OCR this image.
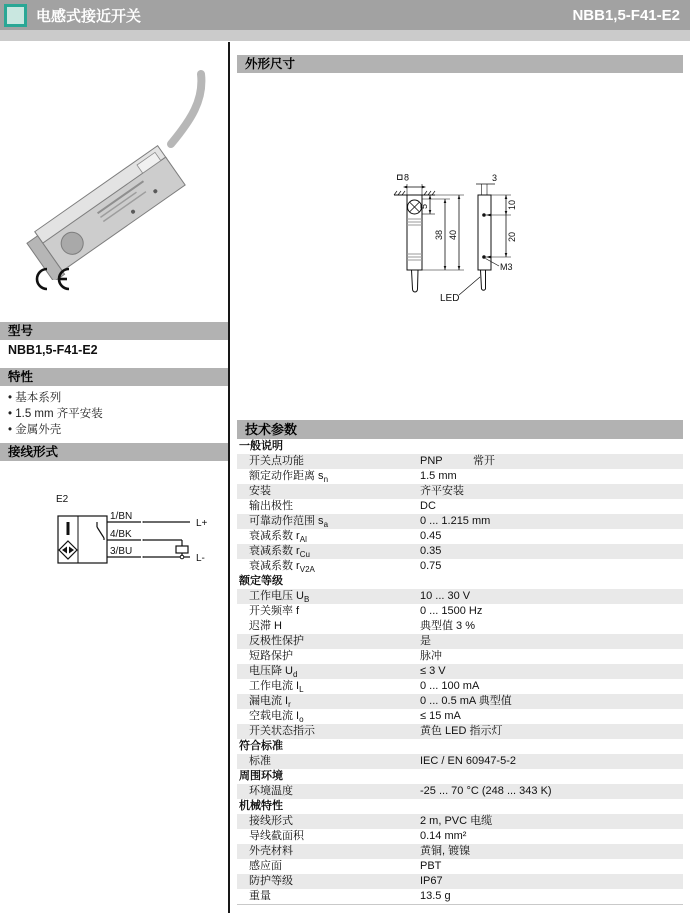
电感式接近开关	NBB1,5-F41-E2
型号
NBB1,5-F41-E2
特性
• 基本系列
• 1.5 mm 齐平安装
• 金属外壳
接线形式
E2
1/BN
4/BK
3/BU
L+
L-
外形尺寸
8
5
38 40
3
10
20
M3
LED
技术参数
一般说明
开关点功能	PNP	常开
额定动作距离 $s_n$	1.5 mm
安装	齐平安装
输出极性	DC
可靠动作范围 $s_a$	0 ... 1.215 mm
衰减系数 $r_{Al}$	0.45
衰减系数 $r_{Cu}$	0.35
衰减系数 $r_{V2A}$	0.75
额定等级
工作电压 $U_B$	10 ... 30 V
开关频率 f	0 ... 1500 Hz
迟滞 H	典型值 3 %
反极性保护	是
短路保护	脉冲
电压降 $U_d$	≤ 3 V
工作电流 $I_L$	0 ... 100 mA
漏电流 $I_r$	0 ... 0.5 mA 典型值
空载电流 $I_o$	≤ 15 mA
开关状态指示	黄色 LED 指示灯
符合标准
标准	IEC / EN 60947-5-2
周围环境
环境温度	-25 ... 70 °C (248 ... 343 K)
机械特性
接线形式	2 m, PVC 电缆
导线截面积	0.14 mm²
外壳材料	黄铜, 镀镍
感应面	PBT
防护等级	IP67
重量	13.5 g
